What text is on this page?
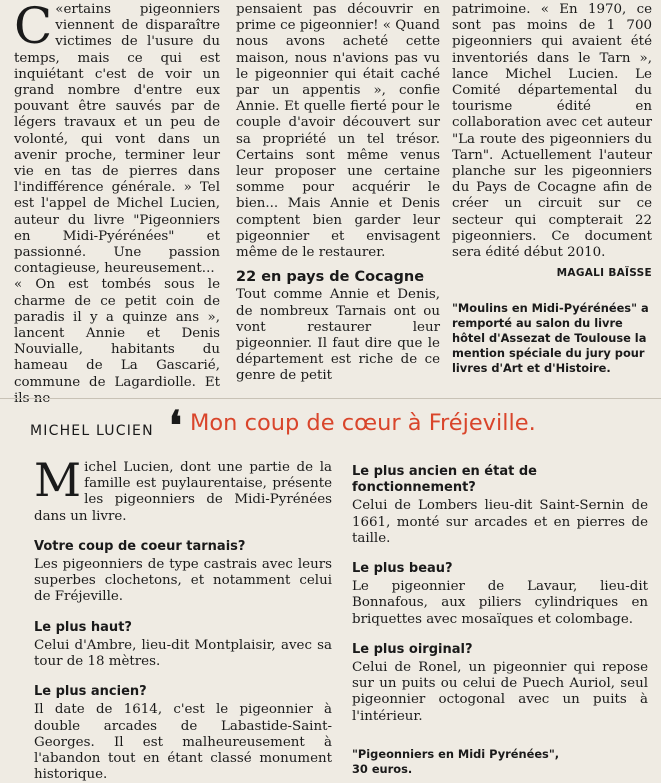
«
C ertains pigeonniers viennent de disparaître victimes de l'usure du temps, mais ce qui est inquiétant c'est de voir un grand nombre d'entre eux pouvant être sauvés par de légers travaux et un peu de volonté, qui vont dans un avenir proche, terminer leur vie en tas de pierres dans l'indifférence générale. » Tel est l'appel de Michel Lucien, auteur du livre "Pigeonniers en Midi-Pyérénées" et passionné. Une passion contagieuse, heureusement...

« On est tombés sous le charme de ce petit coin de paradis il y a quinze ans », lancent Annie et Denis Nouvialle, habitants du hameau de La Gascarié, commune de Lagardiolle. Et ils ne

pensaient pas découvrir en prime ce pigeonnier! « Quand nous avons acheté cette maison, nous n'avions pas vu le pigeonnier qui était caché par un appentis », confie Annie. Et quelle fierté pour le couple d'avoir découvert sur sa propriété un tel trésor. Certains sont même venus leur proposer une certaine somme pour acquérir le bien... Mais Annie et Denis comptent bien garder leur pigeonnier et envisagent même de le restaurer.

22 en pays de Cocagne

Tout comme Annie et Denis, de nombreux Tarnais ont ou vont restaurer leur pigeonnier. Il faut dire que le département est riche de ce genre de petit

patrimoine. « En 1970, ce sont pas moins de 1 700 pigeonniers qui avaient été inventoriés dans le Tarn », lance Michel Lucien. Le Comité départemental du tourisme édité en collaboration avec cet auteur "La route des pigeonniers du Tarn". Actuellement l'auteur planche sur les pigeonniers du Pays de Cocagne afin de créer un circuit sur ce secteur qui compterait 22 pigeonniers. Ce document sera édité début 2010.

MAGALI BAÏSSE
"Moulins en Midi-Pyérénées" a remporté au salon du livre hôtel d'Assezat de Toulouse la mention spéciale du jury pour livres d'Art et d'Histoire.
MICHEL LUCIEN ❛ Mon coup de cœur à Fréjeville.

Michel Lucien, dont une partie de la famille est puylaurentaise, présente les pigeonniers de Midi-Pyrénées dans un livre.

Votre coup de coeur tarnais?

Les pigeonniers de type castrais avec leurs superbes clochetons, et notamment celui de Fréjeville.

Le plus haut?

Celui d'Ambre, lieu-dit Montplaisir, avec sa tour de 18 mètres.

Le plus ancien?

Il date de 1614, c'est le pigeonnier à double arcades de Labastide-Saint-Georges. Il est malheureusement à l'abandon tout en étant classé monument historique.

Le plus ancien en état de fonctionnement?

Celui de Lombers lieu-dit Saint-Sernin de 1661, monté sur arcades et en pierres de taille.

Le plus beau?

Le pigeonnier de Lavaur, lieu-dit Bonnafous, aux piliers cylindriques en briquettes avec mosaïques et colombage.

Le plus oirginal?

Celui de Ronel, un pigeonnier qui repose sur un puits ou celui de Puech Auriol, seul pigeonnier octogonal avec un puits à l'intérieur.

"Pigeonniers en Midi Pyrénées",
30 euros.
